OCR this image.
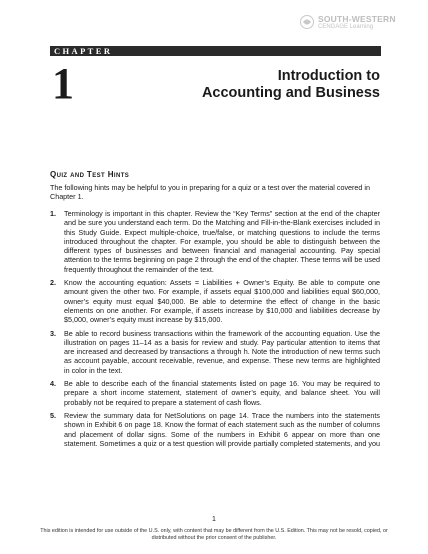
SOUTH-WESTERN
CENGAGE Learning
CHAPTER
1	Introduction to
Accounting and Business
Quiz and Test Hints
The following hints may be helpful to you in preparing for a quiz or a test over the material covered in Chapter 1.
1. Terminology is important in this chapter. Review the “Key Terms” section at the end of the chapter and be sure you understand each term. Do the Matching and Fill-in-the-Blank exercises included in this Study Guide. Expect multiple-choice, true/false, or matching questions to include the terms introduced throughout the chapter. For example, you should be able to distinguish between the different types of businesses and between financial and managerial accounting. Pay special attention to the terms beginning on page 2 through the end of the chapter. These terms will be used frequently throughout the remainder of the text.
2. Know the accounting equation: Assets = Liabilities + Owner’s Equity. Be able to compute one amount given the other two. For example, if assets equal $100,000 and liabilities equal $60,000, owner’s equity must equal $40,000. Be able to determine the effect of change in the basic elements on one another. For example, if assets increase by $10,000 and liabilities decrease by $5,000, owner’s equity must increase by $15,000.
3. Be able to record business transactions within the framework of the accounting equation. Use the illustration on pages 11–14 as a basis for review and study. Pay particular attention to items that are increased and decreased by transactions a through h. Note the introduction of new terms such as account payable, account receivable, revenue, and expense. These new terms are highlighted in color in the text.
4. Be able to describe each of the financial statements listed on page 16. You may be required to prepare a short income statement, statement of owner’s equity, and balance sheet. You will probably not be required to prepare a statement of cash flows.
5. Review the summary data for NetSolutions on page 14. Trace the numbers into the statements shown in Exhibit 6 on page 18. Know the format of each statement such as the number of columns and placement of dollar signs. Some of the numbers in Exhibit 6 appear on more than one statement. Sometimes a quiz or a test question will provide partially completed statements, and you
1
This edition is intended for use outside of the U.S. only, with content that may be different from the U.S. Edition. This may not be resold, copied, or distributed without the prior consent of the publisher.
